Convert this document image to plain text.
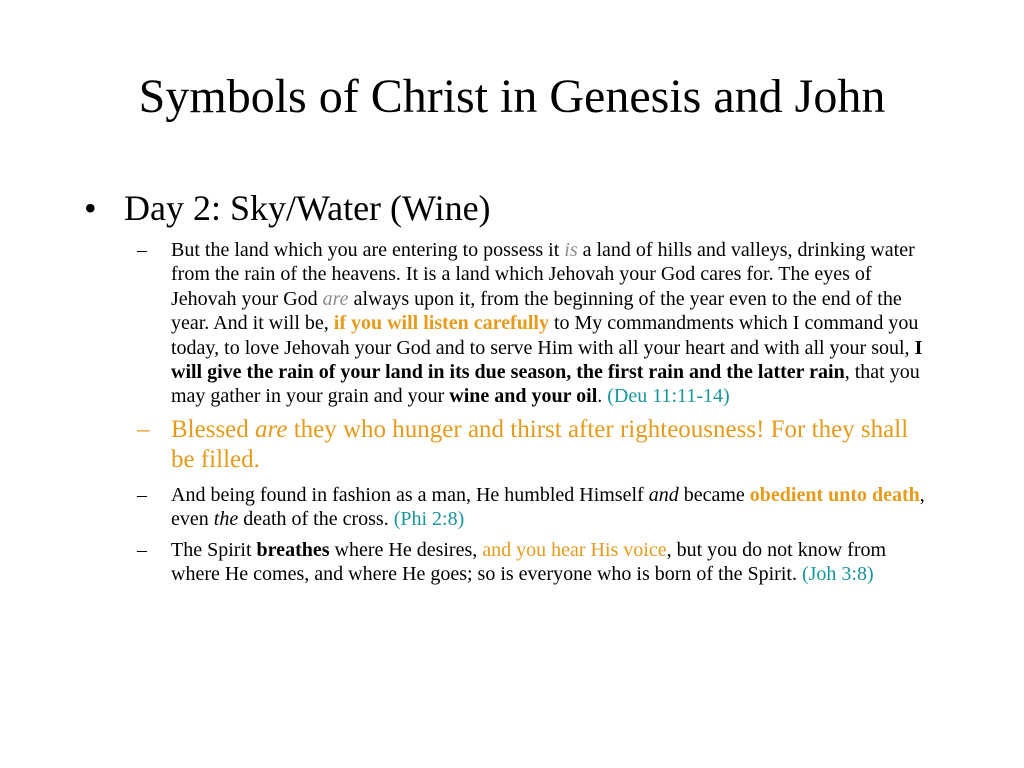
Symbols of Christ in Genesis and John
• Day 2: Sky/Water (Wine)
– But the land which you are entering to possess it is a land of hills and valleys, drinking water from the rain of the heavens. It is a land which Jehovah your God cares for. The eyes of Jehovah your God are always upon it, from the beginning of the year even to the end of the year. And it will be, if you will listen carefully to My commandments which I command you today, to love Jehovah your God and to serve Him with all your heart and with all your soul, I will give the rain of your land in its due season, the first rain and the latter rain, that you may gather in your grain and your wine and your oil. (Deu 11:11-14)
– Blessed are they who hunger and thirst after righteousness! For they shall be filled.
– And being found in fashion as a man, He humbled Himself and became obedient unto death, even the death of the cross. (Phi 2:8)
– The Spirit breathes where He desires, and you hear His voice, but you do not know from where He comes, and where He goes; so is everyone who is born of the Spirit. (Joh 3:8)
